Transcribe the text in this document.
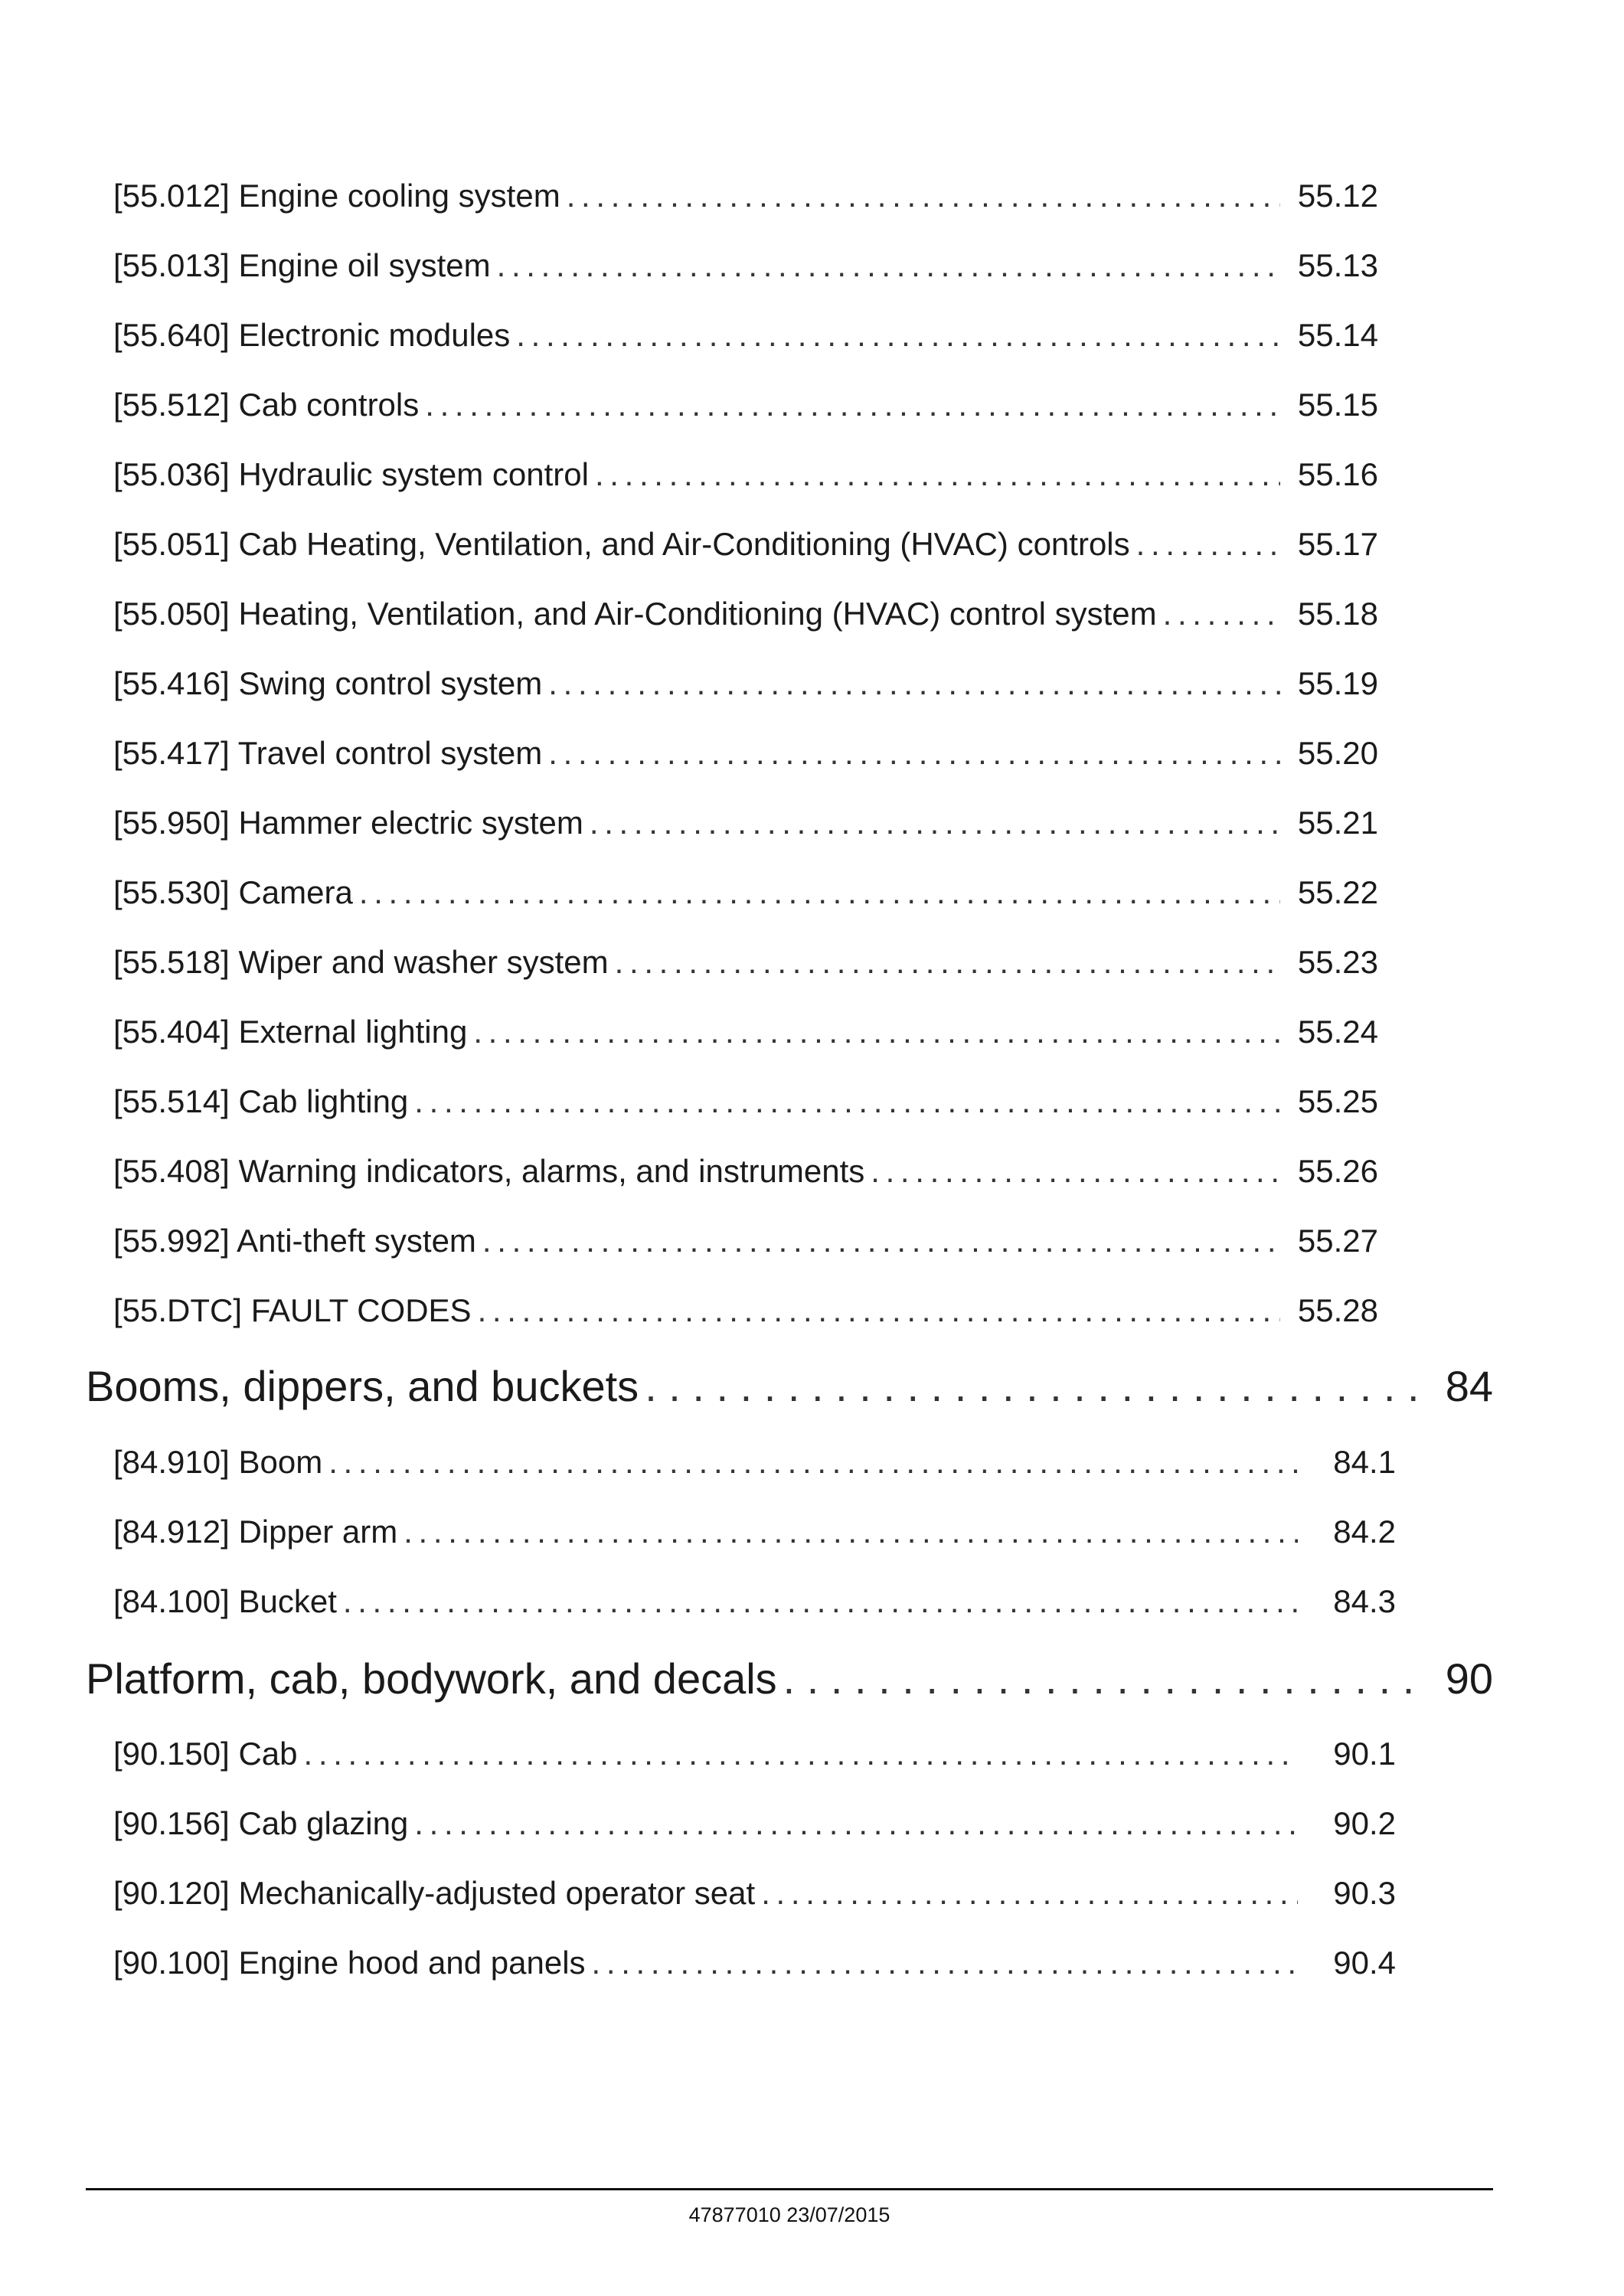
[55.012] Engine cooling system . . .	55.12
[55.013] Engine oil system . . .	55.13
[55.640] Electronic modules . . .	55.14
[55.512] Cab controls . . .	55.15
[55.036] Hydraulic system control . . .	55.16
[55.051] Cab Heating, Ventilation, and Air-Conditioning (HVAC) controls . . .	55.17
[55.050] Heating, Ventilation, and Air-Conditioning (HVAC) control system . . .	55.18
[55.416] Swing control system . . .	55.19
[55.417] Travel control system . . .	55.20
[55.950] Hammer electric system . . .	55.21
[55.530] Camera . . .	55.22
[55.518] Wiper and washer system . . .	55.23
[55.404] External lighting . . .	55.24
[55.514] Cab lighting . . .	55.25
[55.408] Warning indicators, alarms, and instruments . . .	55.26
[55.992] Anti-theft system . . .	55.27
[55.DTC] FAULT CODES . . .	55.28
Booms, dippers, and buckets . . .	84
[84.910] Boom . . .	84.1
[84.912] Dipper arm . . .	84.2
[84.100] Bucket . . .	84.3
Platform, cab, bodywork, and decals . . .	90
[90.150] Cab . . .	90.1
[90.156] Cab glazing . . .	90.2
[90.120] Mechanically-adjusted operator seat . . .	90.3
[90.100] Engine hood and panels . . .	90.4
47877010 23/07/2015
